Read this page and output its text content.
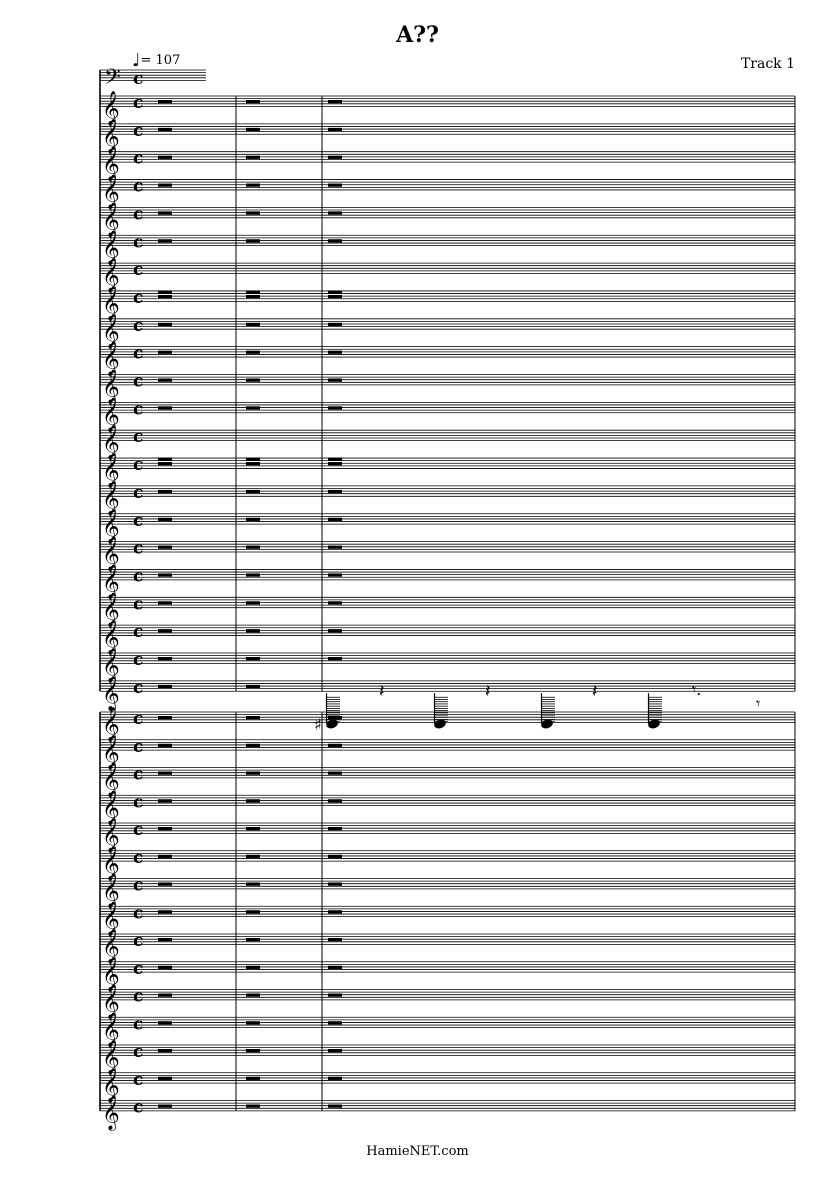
A??
Track 1
♩= 107
𝄢 c
𝄞 c
𝄞 c
𝄞 c
𝄞 c
𝄞 c
𝄞 c
𝄞 c
𝄞 c
𝄞 c
𝄞 c
𝄞 c
𝄞 c
𝄞 c
𝄞 c
𝄞 c
𝄞 c
𝄞 c
𝄞 c
𝄞 c
𝄞 c
𝄞 c
𝄞 c
♯
𝄽	𝄽	𝄽	𝄾.
𝄾
𝄞 c
𝄞 c
𝄞 c
𝄞 c
𝄞 c
𝄞 c
𝄞 c
𝄞 c
𝄞 c
𝄞 c
𝄞 c
𝄞 c
𝄞 c
𝄞 c
𝄞 c
HamieNET.com
